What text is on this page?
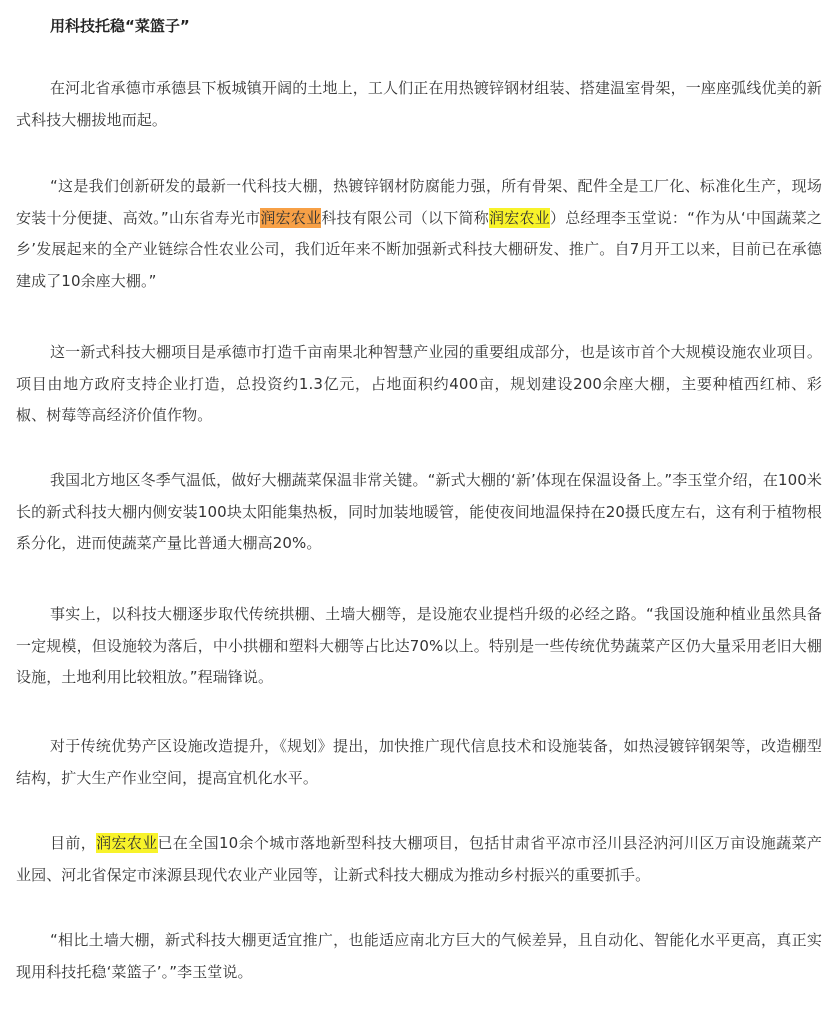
用科技托稳“菜篮子”

在河北省承德市承德县下板城镇开阔的土地上，工人们正在用热镀锌钢材组装、搭建温室骨架，一座座弧线优美的新式科技大棚拔地而起。

“这是我们创新研发的最新一代科技大棚，热镀锌钢材防腐能力强，所有骨架、配件全是工厂化、标准化生产，现场安装十分便捷、高效。”山东省寿光市润宏农业科技有限公司（以下简称润宏农业）总经理李玉堂说：“作为从‘中国蔬菜之乡’发展起来的全产业链综合性农业公司，我们近年来不断加强新式科技大棚研发、推广。自7月开工以来，目前已在承德建成了10余座大棚。”

这一新式科技大棚项目是承德市打造千亩南果北种智慧产业园的重要组成部分，也是该市首个大规模设施农业项目。项目由地方政府支持企业打造，总投资约1.3亿元，占地面积约400亩，规划建设200余座大棚，主要种植西红柿、彩椒、树莓等高经济价值作物。

我国北方地区冬季气温低，做好大棚蔬菜保温非常关键。“新式大棚的‘新’体现在保温设备上。”李玉堂介绍，在100米长的新式科技大棚内侧安装100块太阳能集热板，同时加装地暖管，能使夜间地温保持在20摄氏度左右，这有利于植物根系分化，进而使蔬菜产量比普通大棚高20%。

事实上，以科技大棚逐步取代传统拱棚、土墙大棚等，是设施农业提档升级的必经之路。“我国设施种植业虽然具备一定规模，但设施较为落后，中小拱棚和塑料大棚等占比达70%以上。特别是一些传统优势蔬菜产区仍大量采用老旧大棚设施，土地利用比较粗放。”程瑞锋说。

对于传统优势产区设施改造提升，《规划》提出，加快推广现代信息技术和设施装备，如热浸镀锌钢架等，改造棚型结构，扩大生产作业空间，提高宜机化水平。

目前，润宏农业已在全国10余个城市落地新型科技大棚项目，包括甘肃省平凉市泾川县泾汭河川区万亩设施蔬菜产业园、河北省保定市涞源县现代农业产业园等，让新式科技大棚成为推动乡村振兴的重要抓手。

“相比土墙大棚，新式科技大棚更适宜推广，也能适应南北方巨大的气候差异，且自动化、智能化水平更高，真正实现用科技托稳‘菜篮子’。”李玉堂说。
